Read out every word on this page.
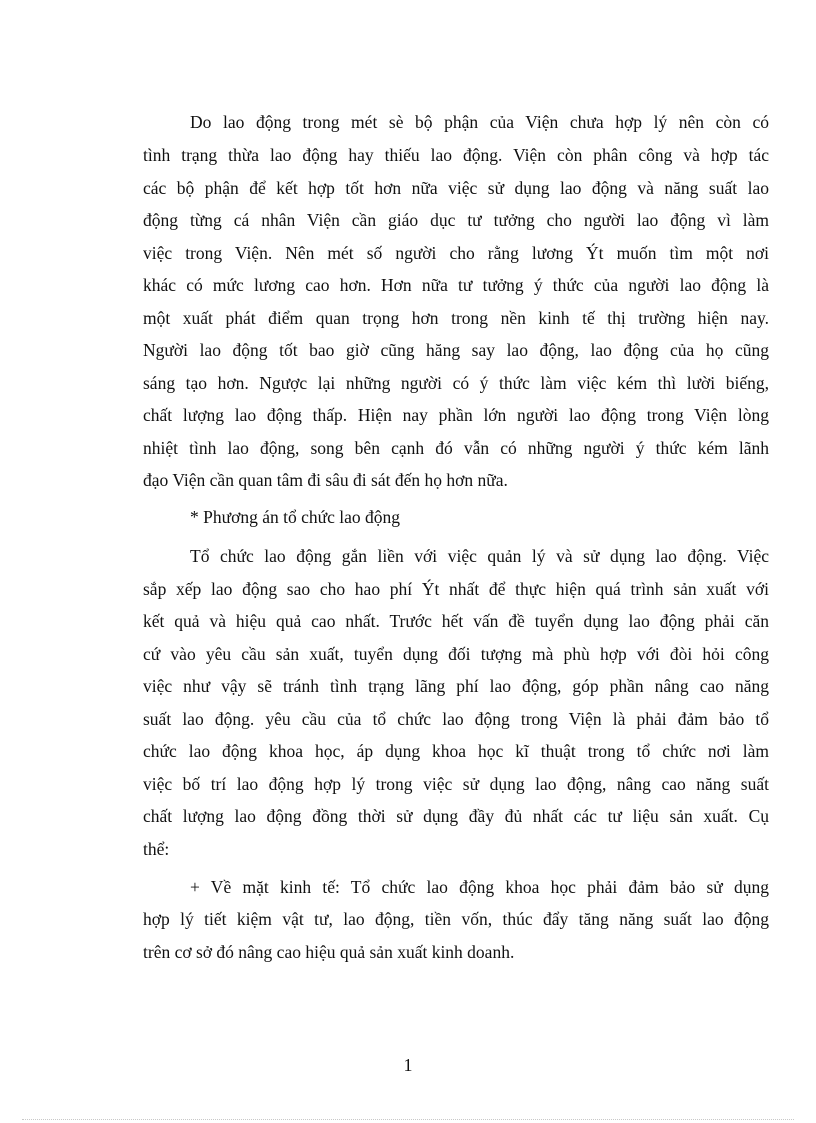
Do lao động trong mét sè bộ phận của Viện chưa hợp lý nên còn có
tình trạng thừa lao động hay thiếu lao động. Viện còn phân công và hợp tác
các bộ phận để kết hợp tốt hơn nữa việc sử dụng lao động và năng suất lao
động từng cá nhân Viện cần giáo dục tư tưởng cho người lao động vì làm
việc trong Viện. Nên mét số người cho rằng lương Ýt muốn tìm một nơi
khác có mức lương cao hơn. Hơn nữa tư tưởng ý thức của người lao động là
một xuất phát điểm quan trọng hơn trong nền kinh tế thị trường hiện nay.
Người lao động tốt bao giờ cũng hăng say lao động, lao động của họ cũng
sáng tạo hơn. Ngược lại những người có ý thức làm việc kém thì lười biếng,
chất lượng lao động thấp. Hiện nay phần lớn người lao động trong Viện lòng
nhiệt tình lao động, song bên cạnh đó vẫn có những người ý thức kém lãnh
đạo Viện cần quan tâm đi sâu đi sát đến họ hơn nữa.
* Phương án tổ chức lao động
Tổ chức lao động gắn liền với việc quản lý và sử dụng lao động. Việc
sắp xếp lao động sao cho hao phí Ýt nhất để thực hiện quá trình sản xuất với
kết quả và hiệu quả cao nhất. Trước hết vấn đề tuyển dụng lao động phải căn
cứ vào yêu cầu sản xuất, tuyển dụng đối tượng mà phù hợp với đòi hỏi công
việc như vậy sẽ tránh tình trạng lãng phí lao động, góp phần nâng cao năng
suất lao động. yêu cầu của tổ chức lao động trong Viện là phải đảm bảo tổ
chức lao động khoa học, áp dụng khoa học kĩ thuật trong tổ chức nơi làm
việc bố trí lao động hợp lý trong việc sử dụng lao động, nâng cao năng suất
chất lượng lao động đồng thời sử dụng đầy đủ nhất các tư liệu sản xuất. Cụ
thể:
+ Về mặt kinh tế: Tổ chức lao động khoa học phải đảm bảo sử dụng
hợp lý tiết kiệm vật tư, lao động, tiền vốn, thúc đẩy tăng năng suất lao động
trên cơ sở đó nâng cao hiệu quả sản xuất kinh doanh.
1
